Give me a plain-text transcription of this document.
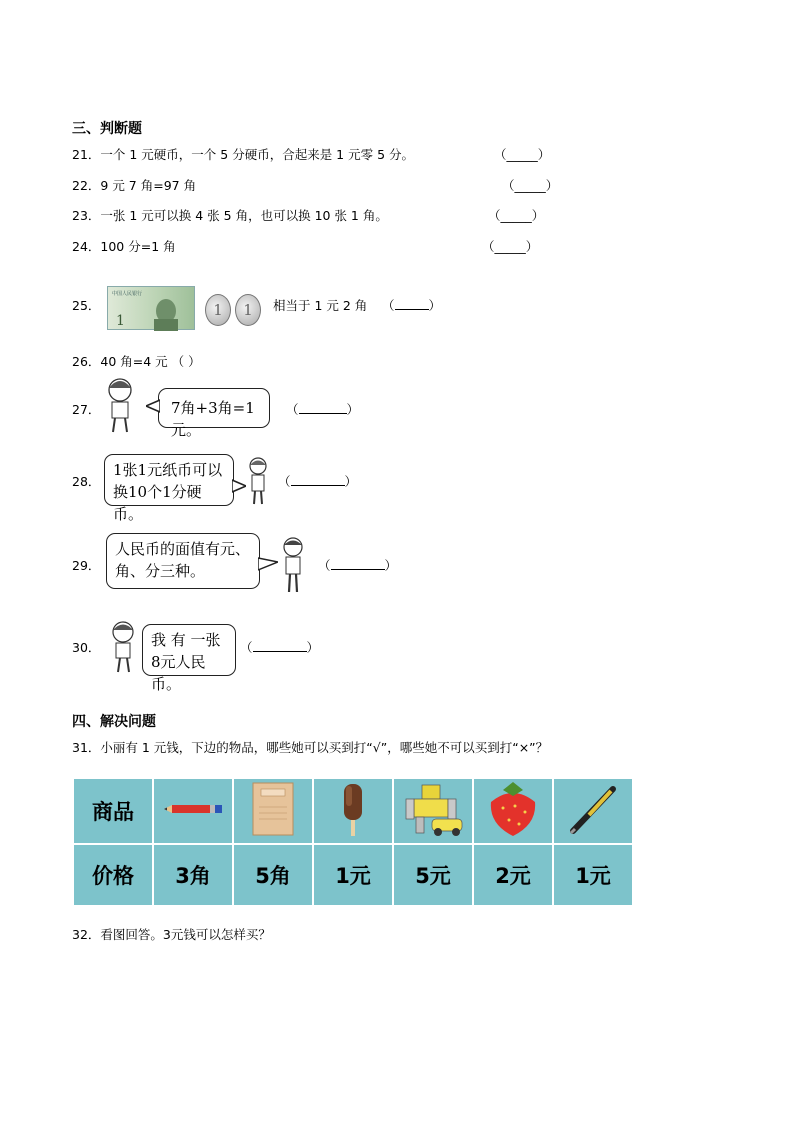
三、判断题
21．一个 1 元硬币，一个 5 分硬币，合起来是 1 元零 5 分。	（_____）
22．9 元 7 角=97 角	（_____）
23．一张 1 元可以换 4 张 5 角，也可以换 10 张 1 角。	（_____）
24．100 分=1 角	（_____）
25．
中国人民银行
1
1	1	相当于 1 元 2 角 （	）
26．40 角=4 元 （ ）
27．	7角+3角=1元。
（	）
28．
1张1元纸币可以
换10个1分硬币。
（	）
29．
人民币的面值有元、
角、分三种。	（	）
30．	我 有 一张
8元人民币。
（	）
四、解决问题
31．小丽有 1 元钱，下边的物品，哪些她可以买到打“√”，哪些她不可以买到打“×”？
商品						
价格	3角	5角	1元	5元	2元	1元
32．看图回答。3元钱可以怎样买？
